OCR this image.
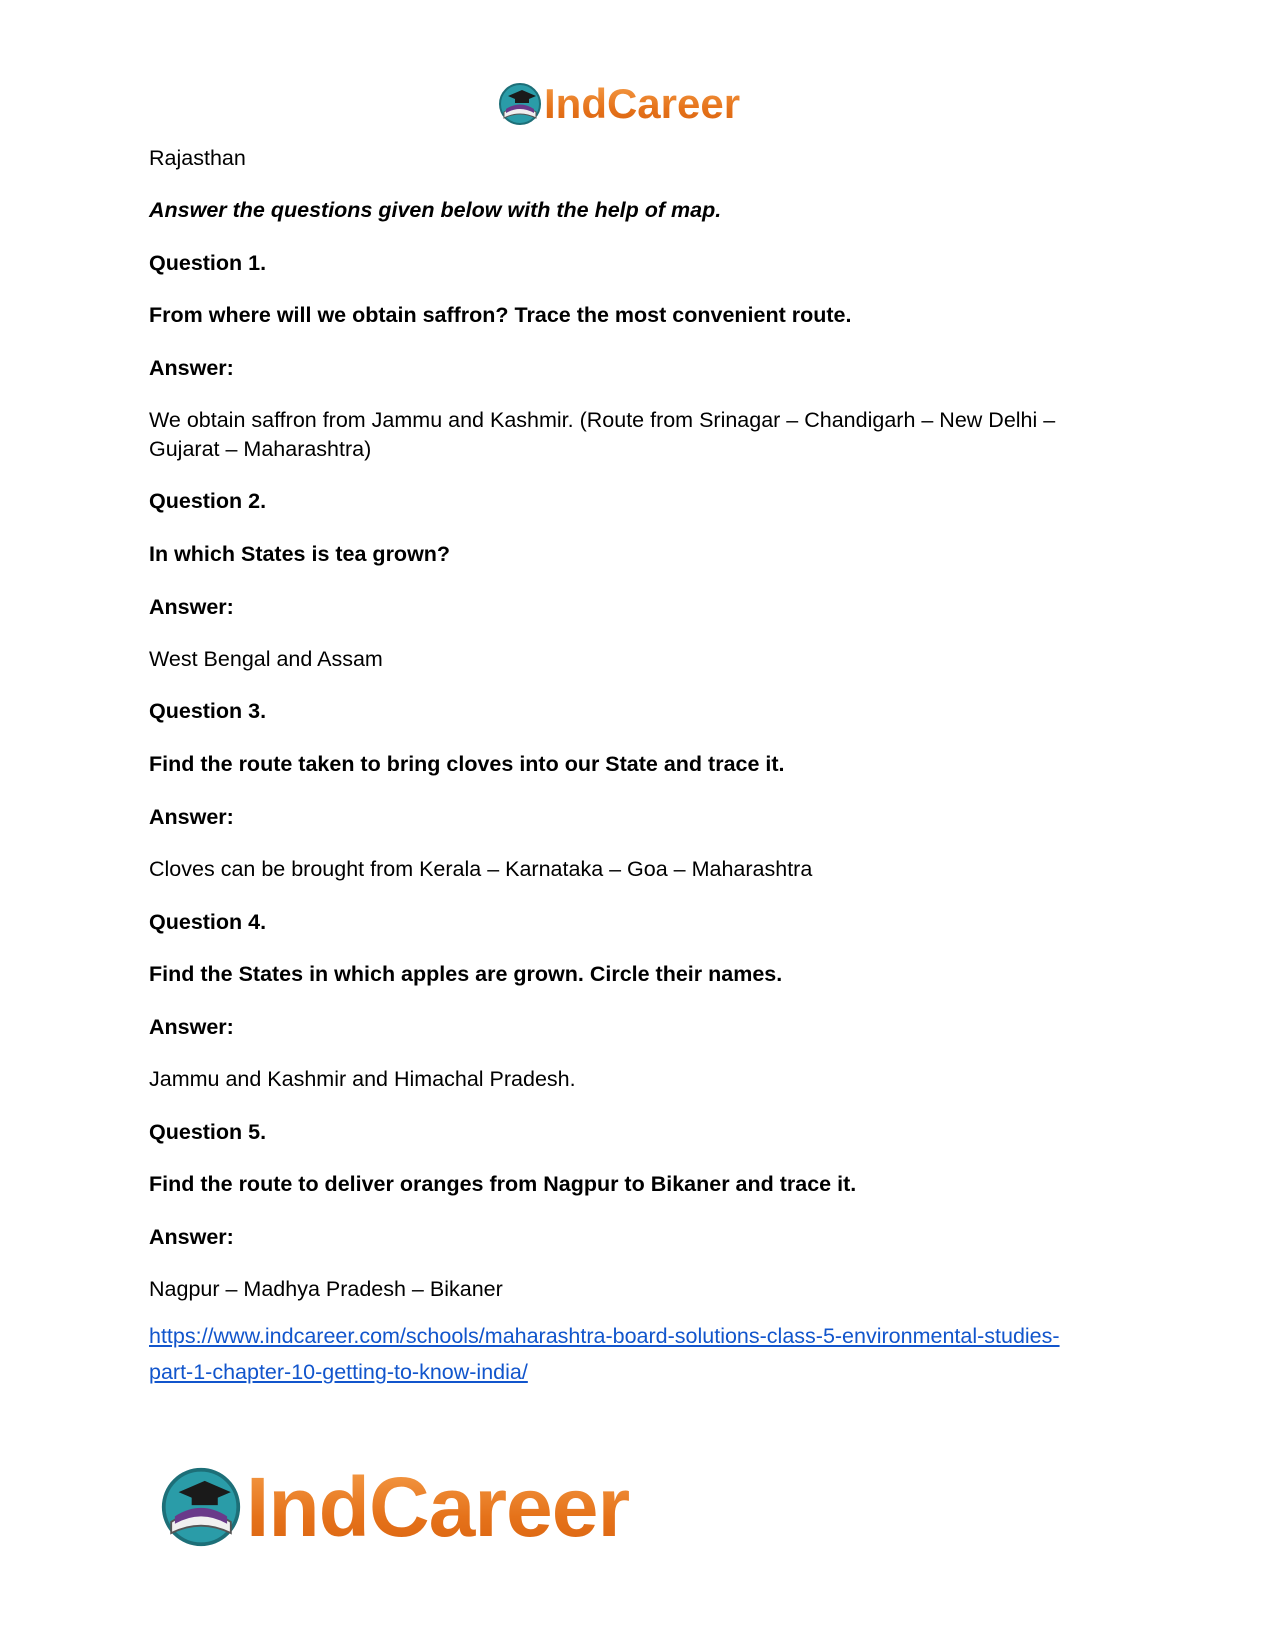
IndCareer

Rajasthan

Answer the questions given below with the help of map.

Question 1.

From where will we obtain saffron? Trace the most convenient route.

Answer:

We obtain saffron from Jammu and Kashmir. (Route from Srinagar – Chandigarh – New Delhi –

Gujarat – Maharashtra)

Question 2.

In which States is tea grown?

Answer:

West Bengal and Assam

Question 3.

Find the route taken to bring cloves into our State and trace it.

Answer:

Cloves can be brought from Kerala – Karnataka – Goa – Maharashtra

Question 4.

Find the States in which apples are grown. Circle their names.

Answer:

Jammu and Kashmir and Himachal Pradesh.

Question 5.

Find the route to deliver oranges from Nagpur to Bikaner and trace it.

Answer:

Nagpur – Madhya Pradesh – Bikaner

https://www.indcareer.com/schools/maharashtra-board-solutions-class-5-environmental-studies-
part-1-chapter-10-getting-to-know-india/
IndCareer
